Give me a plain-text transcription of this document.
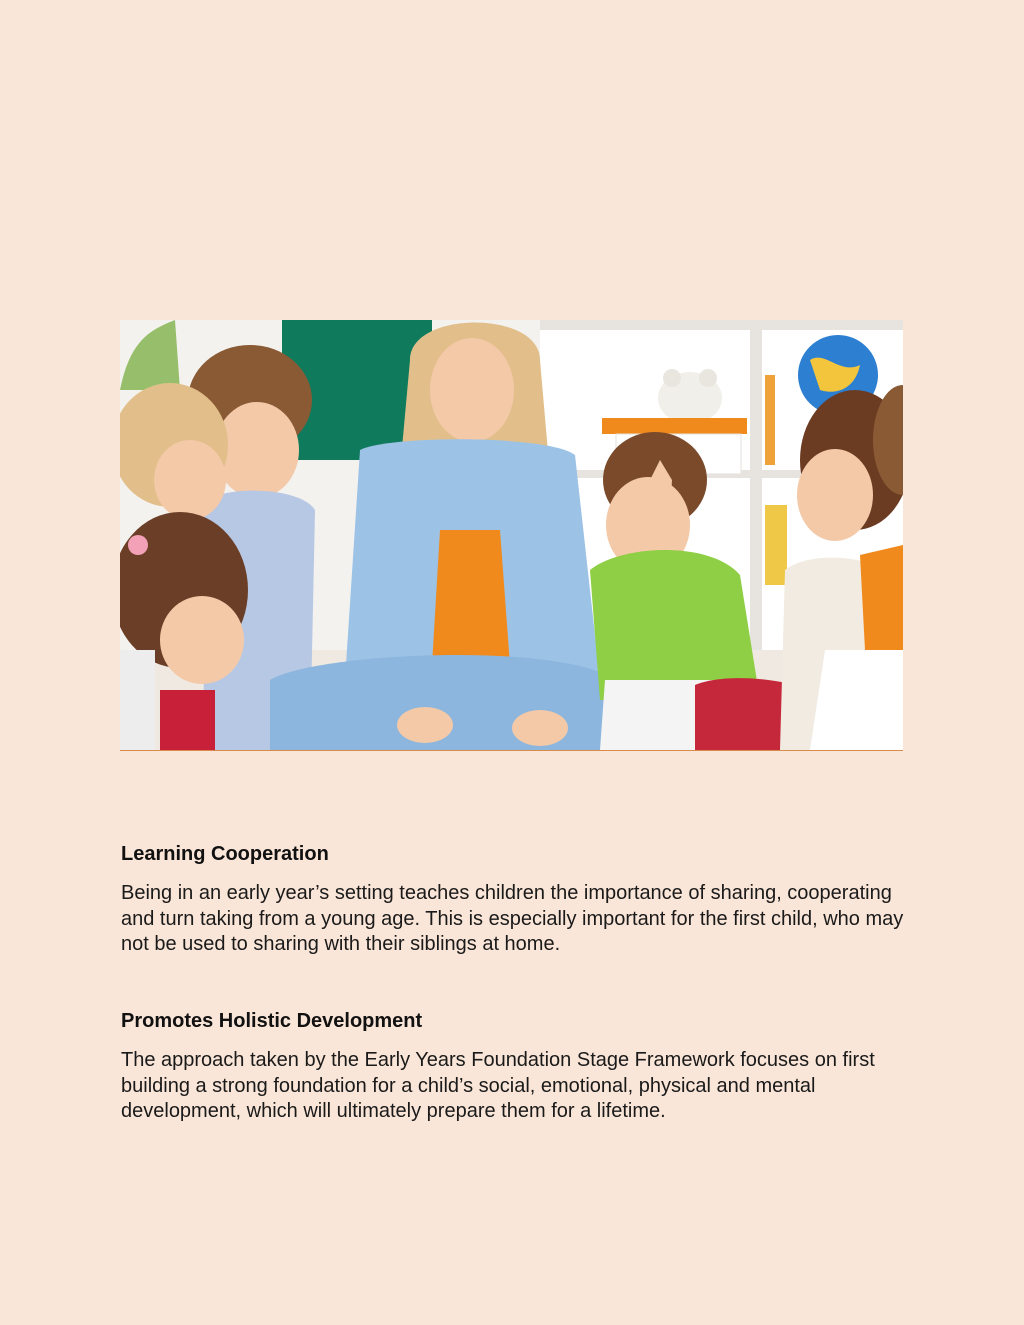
Learning Cooperation

Being in an early year’s setting teaches children the importance of sharing, cooperating and turn taking from a young age. This is especially important for the first child, who may not be used to sharing with their siblings at home.

Promotes Holistic Development

The approach taken by the Early Years Foundation Stage Framework focuses on first building a strong foundation for a child’s social, emotional, physical and mental development, which will ultimately prepare them for a lifetime.
